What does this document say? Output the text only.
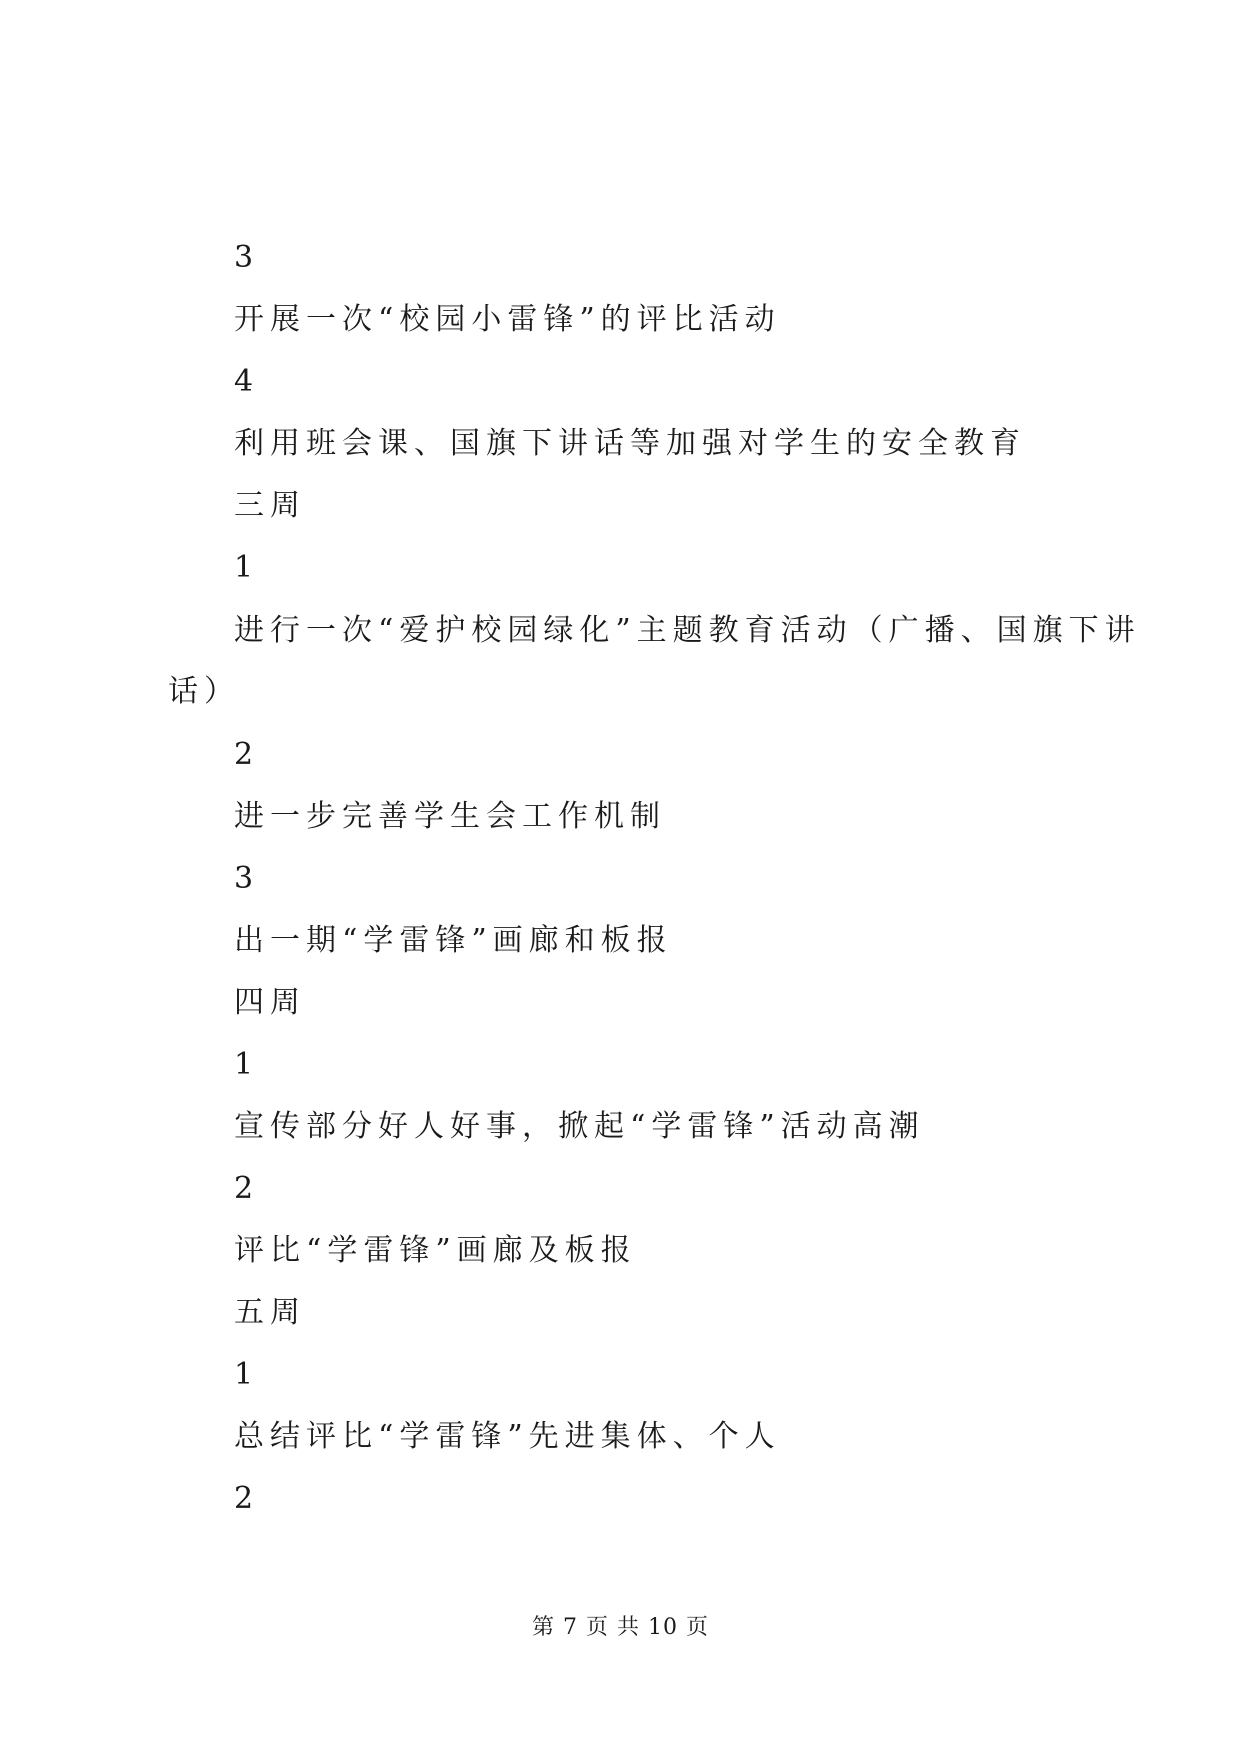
3
开展一次“校园小雷锋”的评比活动
4
利用班会课、国旗下讲话等加强对学生的安全教育
三周
1
进行一次“爱护校园绿化”主题教育活动（广播、国旗下讲
话）
2
进一步完善学生会工作机制
3
出一期“学雷锋”画廊和板报
四周
1
宣传部分好人好事，掀起“学雷锋”活动高潮
2
评比“学雷锋”画廊及板报
五周
1
总结评比“学雷锋”先进集体、个人
2
第 7 页 共 10 页
